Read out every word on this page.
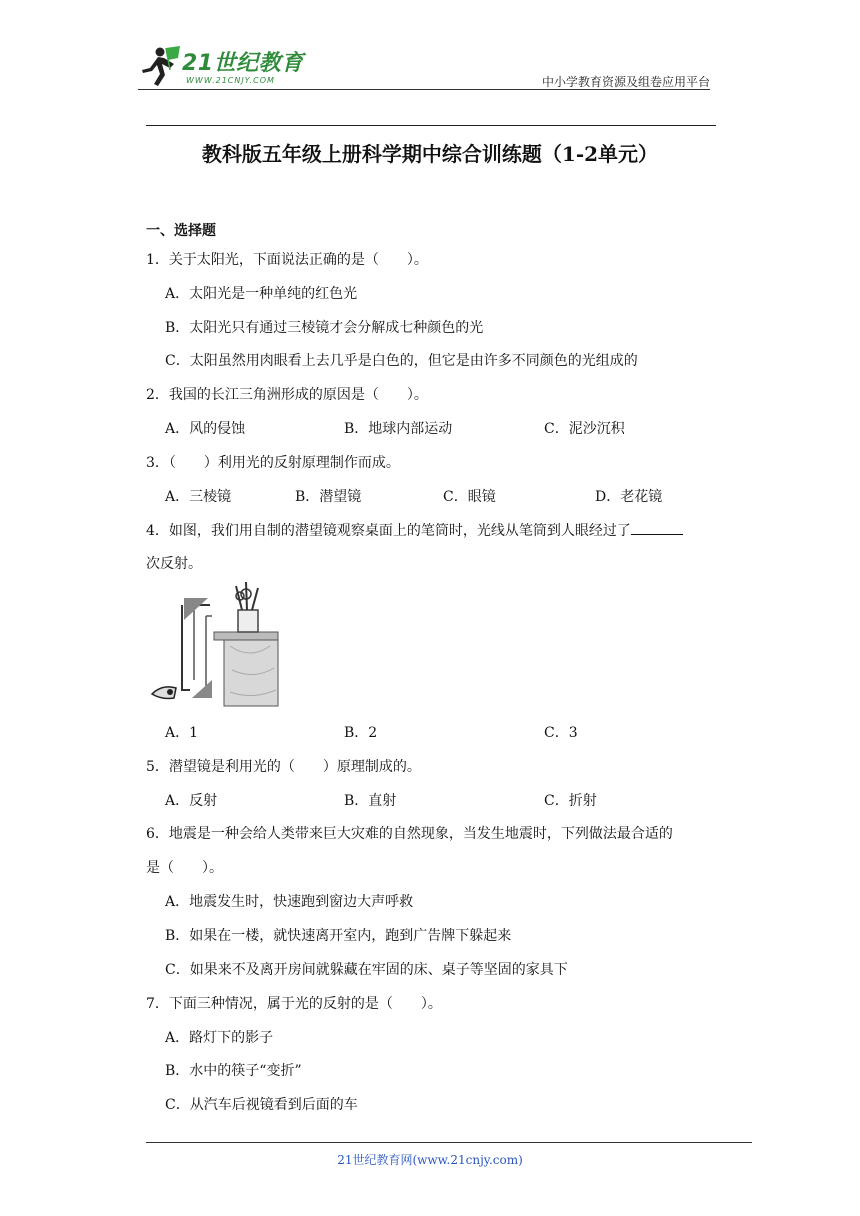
21世纪教育
WWW.21CNJY.COM	中小学教育资源及组卷应用平台
教科版五年级上册科学期中综合训练题（1-2单元）
一、选择题
1．关于太阳光，下面说法正确的是（　　）。
A．太阳光是一种单纯的红色光
B．太阳光只有通过三棱镜才会分解成七种颜色的光
C．太阳虽然用肉眼看上去几乎是白色的，但它是由许多不同颜色的光组成的
2．我国的长江三角洲形成的原因是（　　）。
A．风的侵蚀	B．地球内部运动	C．泥沙沉积
3．（　　）利用光的反射原理制作而成。
A．三棱镜	B．潜望镜	C．眼镜	D．老花镜
4．如图，我们用自制的潜望镜观察桌面上的笔筒时，光线从笔筒到人眼经过了
次反射。
A．1	B．2	C．3
5．潜望镜是利用光的（　　）原理制成的。
A．反射	B．直射	C．折射
6．地震是一种会给人类带来巨大灾难的自然现象，当发生地震时，下列做法最合适的
是（　　）。
A．地震发生时，快速跑到窗边大声呼救
B．如果在一楼，就快速离开室内，跑到广告牌下躲起来
C．如果来不及离开房间就躲藏在牢固的床、桌子等坚固的家具下
7．下面三种情况，属于光的反射的是（　　）。
A．路灯下的影子
B．水中的筷子“变折”
C．从汽车后视镜看到后面的车
21世纪教育网(www.21cnjy.com)
